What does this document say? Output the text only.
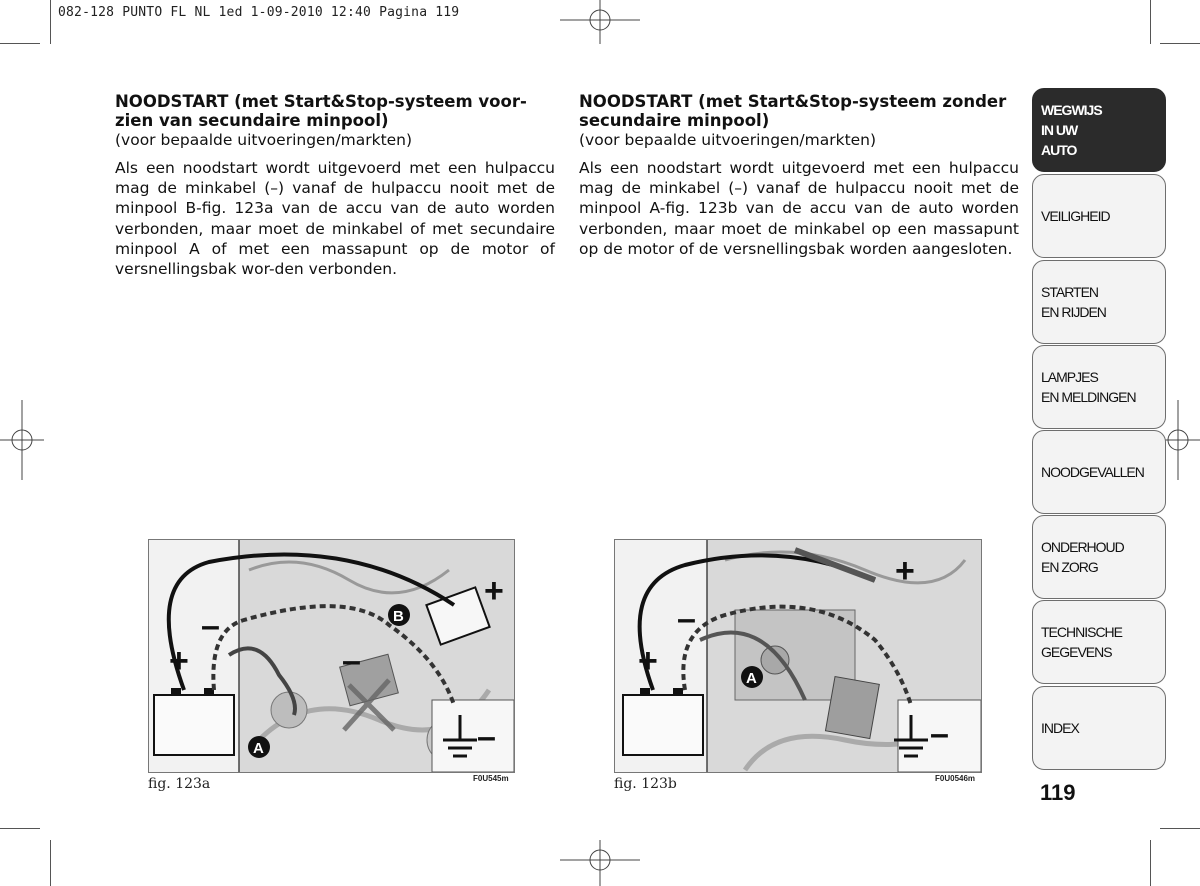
082-128 PUNTO FL NL 1ed 1-09-2010 12:40 Pagina 119

NOODSTART (met Start&Stop-systeem voor-zien van secundaire minpool)

(voor bepaalde uitvoeringen/markten)

Als een noodstart wordt uitgevoerd met een hulpaccu mag de minkabel (–) vanaf de hulpaccu nooit met de minpool B-fig. 123a van de accu van de auto worden verbonden, maar moet de minkabel of met secundaire minpool A of met een massapunt op de motor of versnellingsbak wor-den verbonden.

NOODSTART (met Start&Stop-systeem zonder secundaire minpool)

(voor bepaalde uitvoeringen/markten)

Als een noodstart wordt uitgevoerd met een hulpaccu mag de minkabel (–) vanaf de hulpaccu nooit met de minpool A-fig. 123b van de accu van de auto worden verbonden, maar moet de minkabel op een massapunt op de motor of de versnellingsbak worden aangesloten.

+
–
+
–
–
B
A
fig. 123a	F0U545m
+
–
+
–
A
fig. 123b	F0U0546m
WEGWIJS
IN UW
AUTO
VEILIGHEID
STARTEN
EN RIJDEN
LAMPJES
EN MELDINGEN
NOODGEVALLEN
ONDERHOUD
EN ZORG
TECHNISCHE
GEGEVENS
INDEX
119
